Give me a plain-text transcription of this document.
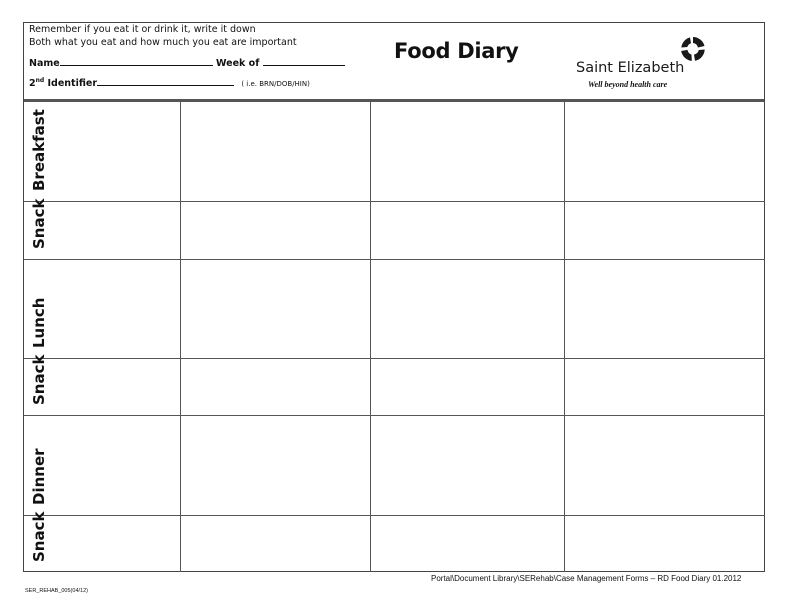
Remember if you eat it or drink it, write it down
Both what you eat and how much you eat are important
Name	Week of
2nd Identifier	( i.e. BRN/DOB/HIN)
Food Diary
Saint Elizabeth
Well beyond health care
Breakfast			

Snack			

Lunch			

Snack			

Dinner			

Snack			

Portal\Document Library\SERehab\Case Management Forms – RD Food Diary 01.2012
SER_REHAB_005(04/12)
